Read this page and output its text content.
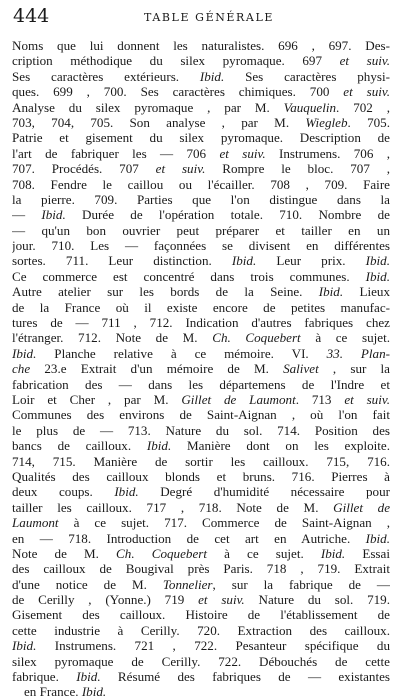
444	TABLE GÉNÉRALE
Noms que lui donnent les naturalistes. 696 , 697. Des-
cription méthodique du silex pyromaque. 697 et suiv.
Ses caractères extérieurs. Ibid. Ses caractères physi-
ques. 699 , 700. Ses caractères chimiques. 700 et suiv.
Analyse du silex pyromaque , par M. Vauquelin. 702 ,
703, 704, 705. Son analyse , par M. Wiegleb. 705.
Patrie et gisement du silex pyromaque. Description de
l'art de fabriquer les — 706 et suiv. Instrumens. 706 ,
707. Procédés. 707 et suiv. Rompre le bloc. 707 ,
708. Fendre le caillou ou l'écailler. 708 , 709. Faire
la pierre. 709. Parties que l'on distingue dans la
— Ibid. Durée de l'opération totale. 710. Nombre de
— qu'un bon ouvrier peut préparer et tailler en un
jour. 710. Les — façonnées se divisent en différentes
sortes. 711. Leur distinction. Ibid. Leur prix. Ibid.
Ce commerce est concentré dans trois communes. Ibid.
Autre atelier sur les bords de la Seine. Ibid. Lieux
de la France où il existe encore de petites manufac-
tures de — 711 , 712. Indication d'autres fabriques chez
l'étranger. 712. Note de M. Ch. Coquebert à ce sujet.
Ibid. Planche relative à ce mémoire. VI. 33. Plan-
che 23.e Extrait d'un mémoire de M. Salivet , sur la
fabrication des — dans les départemens de l'Indre et
Loir et Cher , par M. Gillet de Laumont. 713 et suiv.
Communes des environs de Saint-Aignan , où l'on fait
le plus de — 713. Nature du sol. 714. Position des
bancs de cailloux. Ibid. Manière dont on les exploite.
714, 715. Manière de sortir les cailloux. 715, 716.
Qualités des cailloux blonds et bruns. 716. Pierres à
deux coups. Ibid. Degré d'humidité nécessaire pour
tailler les cailloux. 717 , 718. Note de M. Gillet de
Laumont à ce sujet. 717. Commerce de Saint-Aignan ,
en — 718. Introduction de cet art en Autriche. Ibid.
Note de M. Ch. Coquebert à ce sujet. Ibid. Essai
des cailloux de Bougival près Paris. 718 , 719. Extrait
d'une notice de M. Tonnelier, sur la fabrique de —
de Cerilly , (Yonne.) 719 et suiv. Nature du sol. 719.
Gisement des cailloux. Histoire de l'établissement de
cette industrie à Cerilly. 720. Extraction des cailloux.
Ibid. Instrumens. 721 , 722. Pesanteur spécifique du
silex pyromaque de Cerilly. 722. Débouchés de cette
fabrique. Ibid. Résumé des fabriques de — existantes
en France. Ibid.
